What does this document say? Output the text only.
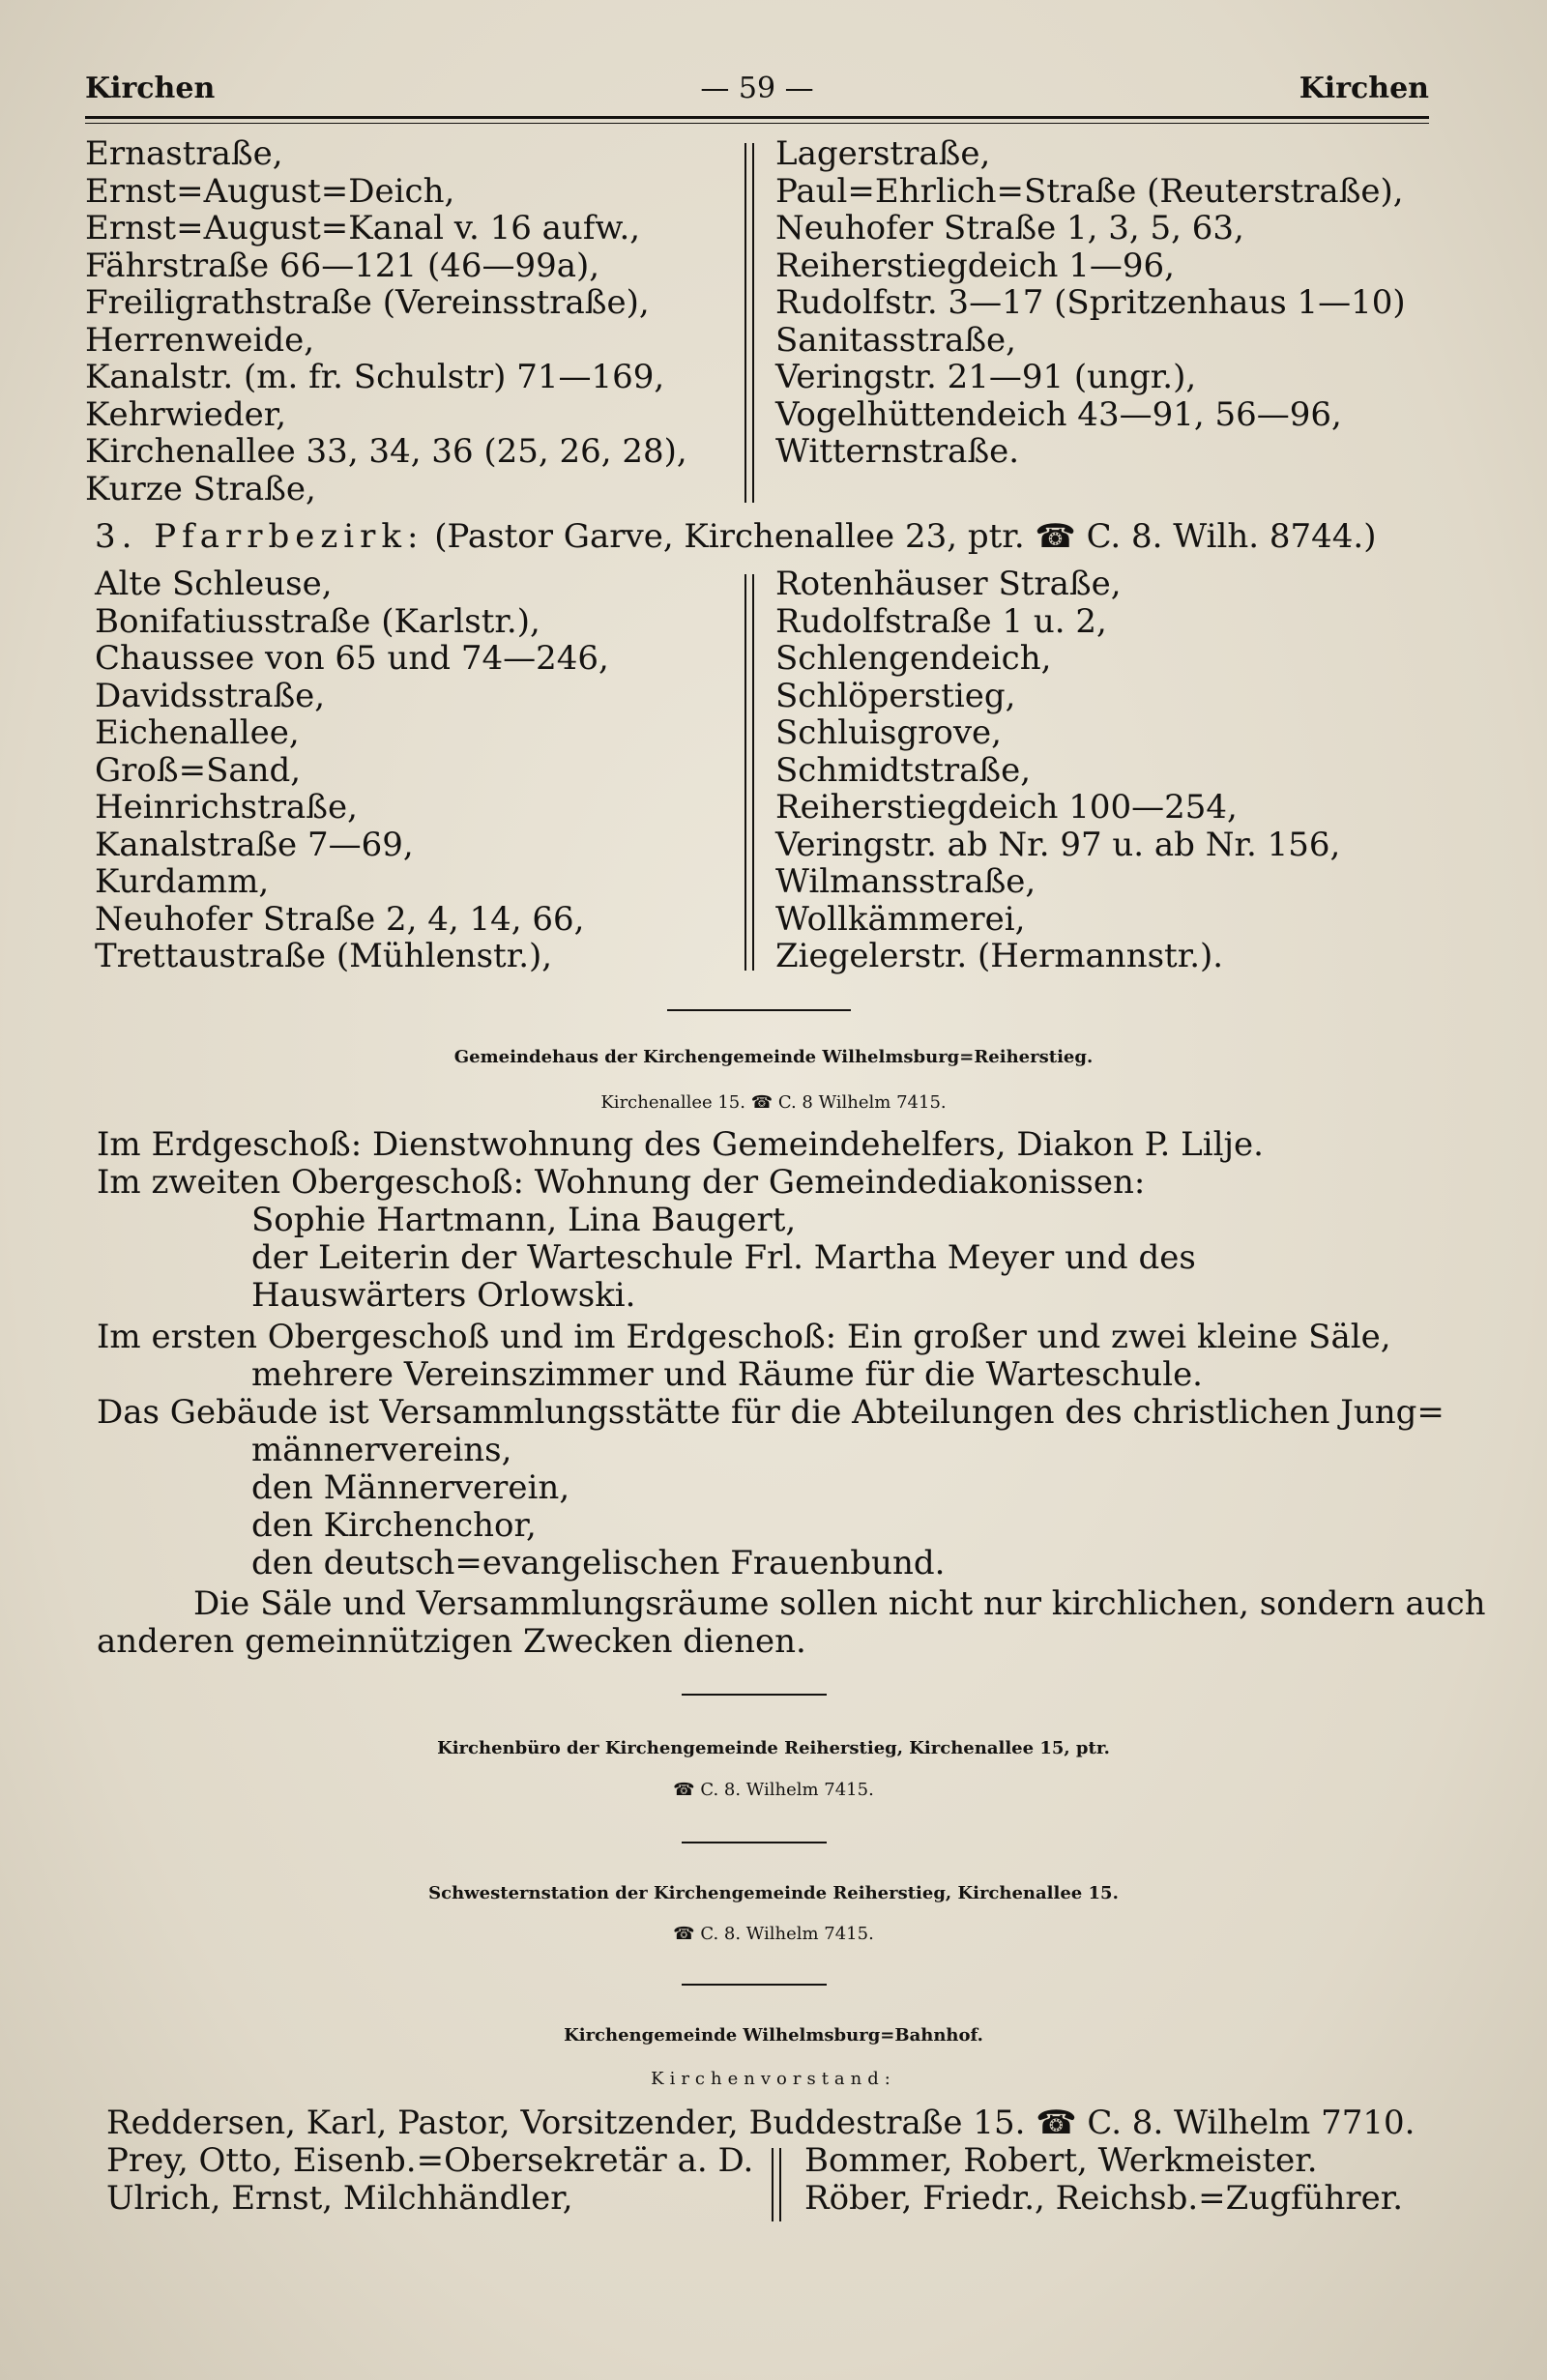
Kirchen	— 59 —	Kirchen
Ernastraße,
Ernst=August=Deich,
Ernst=August=Kanal v. 16 aufw.,
Fährstraße 66—121 (46—99a),
Freiligrathstraße (Vereinsstraße),
Herrenweide,
Kanalstr. (m. fr. Schulstr) 71—169,
Kehrwieder,
Kirchenallee 33, 34, 36 (25, 26, 28),
Kurze Straße,
Lagerstraße,
Paul=Ehrlich=Straße (Reuterstraße),
Neuhofer Straße 1, 3, 5, 63,
Reiherstiegdeich 1—96,
Rudolfstr. 3—17 (Spritzenhaus 1—10)
Sanitasstraße,
Veringstr. 21—91 (ungr.),
Vogelhüttendeich 43—91, 56—96,
Witternstraße.
3. Pfarrbezirk: (Pastor Garve, Kirchenallee 23, ptr. ☎ C. 8. Wilh. 8744.)
Alte Schleuse,
Bonifatiusstraße (Karlstr.),
Chaussee von 65 und 74—246,
Davidsstraße,
Eichenallee,
Groß=Sand,
Heinrichstraße,
Kanalstraße 7—69,
Kurdamm,
Neuhofer Straße 2, 4, 14, 66,
Trettaustraße (Mühlenstr.),
Rotenhäuser Straße,
Rudolfstraße 1 u. 2,
Schlengendeich,
Schlöperstieg,
Schluisgrove,
Schmidtstraße,
Reiherstiegdeich 100—254,
Veringstr. ab Nr. 97 u. ab Nr. 156,
Wilmansstraße,
Wollkämmerei,
Ziegelerstr. (Hermannstr.).
Gemeindehaus der Kirchengemeinde Wilhelmsburg=Reiherstieg.
Kirchenallee 15. ☎ C. 8 Wilhelm 7415.
Im Erdgeschoß: Dienstwohnung des Gemeindehelfers, Diakon P. Lilje.
Im zweiten Obergeschoß: Wohnung der Gemeindediakonissen:
Sophie Hartmann, Lina Baugert,
der Leiterin der Warteschule Frl. Martha Meyer und des
Hauswärters Orlowski.
Im ersten Obergeschoß und im Erdgeschoß: Ein großer und zwei kleine Säle,
mehrere Vereinszimmer und Räume für die Warteschule.
Das Gebäude ist Versammlungsstätte für die Abteilungen des christlichen Jung=
männervereins,
den Männerverein,
den Kirchenchor,
den deutsch=evangelischen Frauenbund.
Die Säle und Versammlungsräume sollen nicht nur kirchlichen, sondern auch
anderen gemeinnützigen Zwecken dienen.
Kirchenbüro der Kirchengemeinde Reiherstieg, Kirchenallee 15, ptr.
☎ C. 8. Wilhelm 7415.
Schwesternstation der Kirchengemeinde Reiherstieg, Kirchenallee 15.
☎ C. 8. Wilhelm 7415.
Kirchengemeinde Wilhelmsburg=Bahnhof.
Kirchenvorstand:
Reddersen, Karl, Pastor, Vorsitzender, Buddestraße 15. ☎ C. 8. Wilhelm 7710.
Prey, Otto, Eisenb.=Obersekretär a. D.
Ulrich, Ernst, Milchhändler,
Bommer, Robert, Werkmeister.
Röber, Friedr., Reichsb.=Zugführer.
